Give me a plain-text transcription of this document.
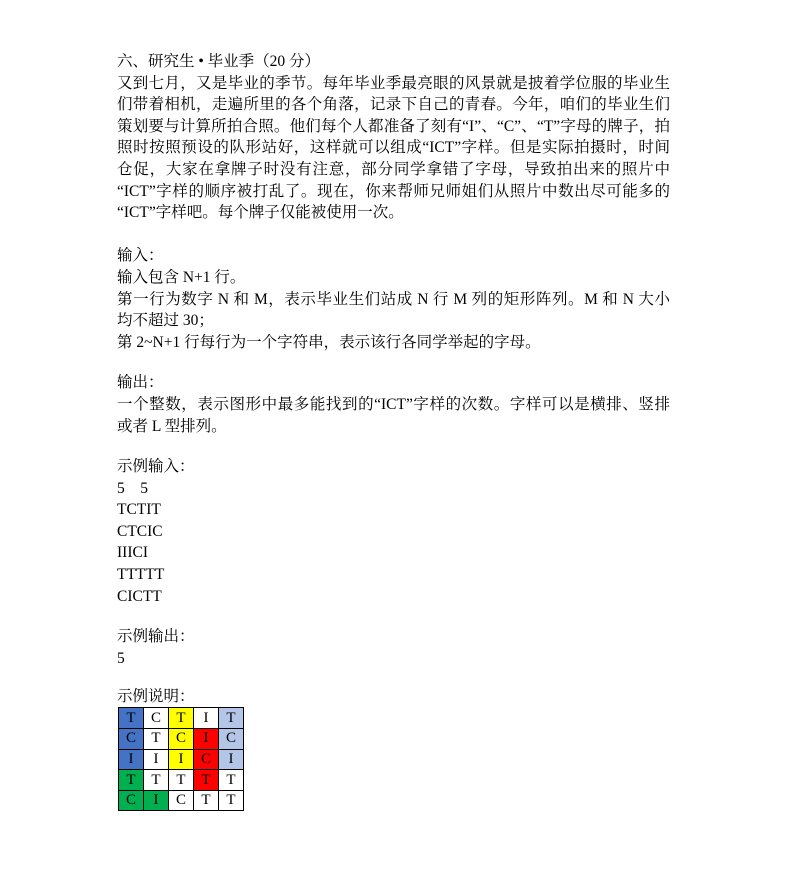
六、研究生 • 毕业季（20 分）
又到七月，又是毕业的季节。每年毕业季最亮眼的风景就是披着学位服的毕业生
们带着相机，走遍所里的各个角落，记录下自己的青春。今年，咱们的毕业生们
策划要与计算所拍合照。他们每个人都准备了刻有“I”、“C”、“T”字母的牌子，拍
照时按照预设的队形站好，这样就可以组成“ICT”字样。但是实际拍摄时，时间
仓促，大家在拿牌子时没有注意，部分同学拿错了字母，导致拍出来的照片中
“ICT”字样的顺序被打乱了。现在，你来帮师兄师姐们从照片中数出尽可能多的
“ICT”字样吧。每个牌子仅能被使用一次。
输入：
输入包含 N+1 行。
第一行为数字 N 和 M，表示毕业生们站成 N 行 M 列的矩形阵列。M 和 N 大小
均不超过 30；
第 2~N+1 行每行为一个字符串，表示该行各同学举起的字母。
输出：
一个整数，表示图形中最多能找到的“ICT”字样的次数。字样可以是横排、竖排
或者 L 型排列。
示例输入：
5    5
TCTIT
CTCIC
IIICI
TTTTT
CICTT
示例输出：
5
示例说明：
T	C	T	I	T
C	T	C	I	C
I	I	I	C	I
T	T	T	T	T
C	I	C	T	T
